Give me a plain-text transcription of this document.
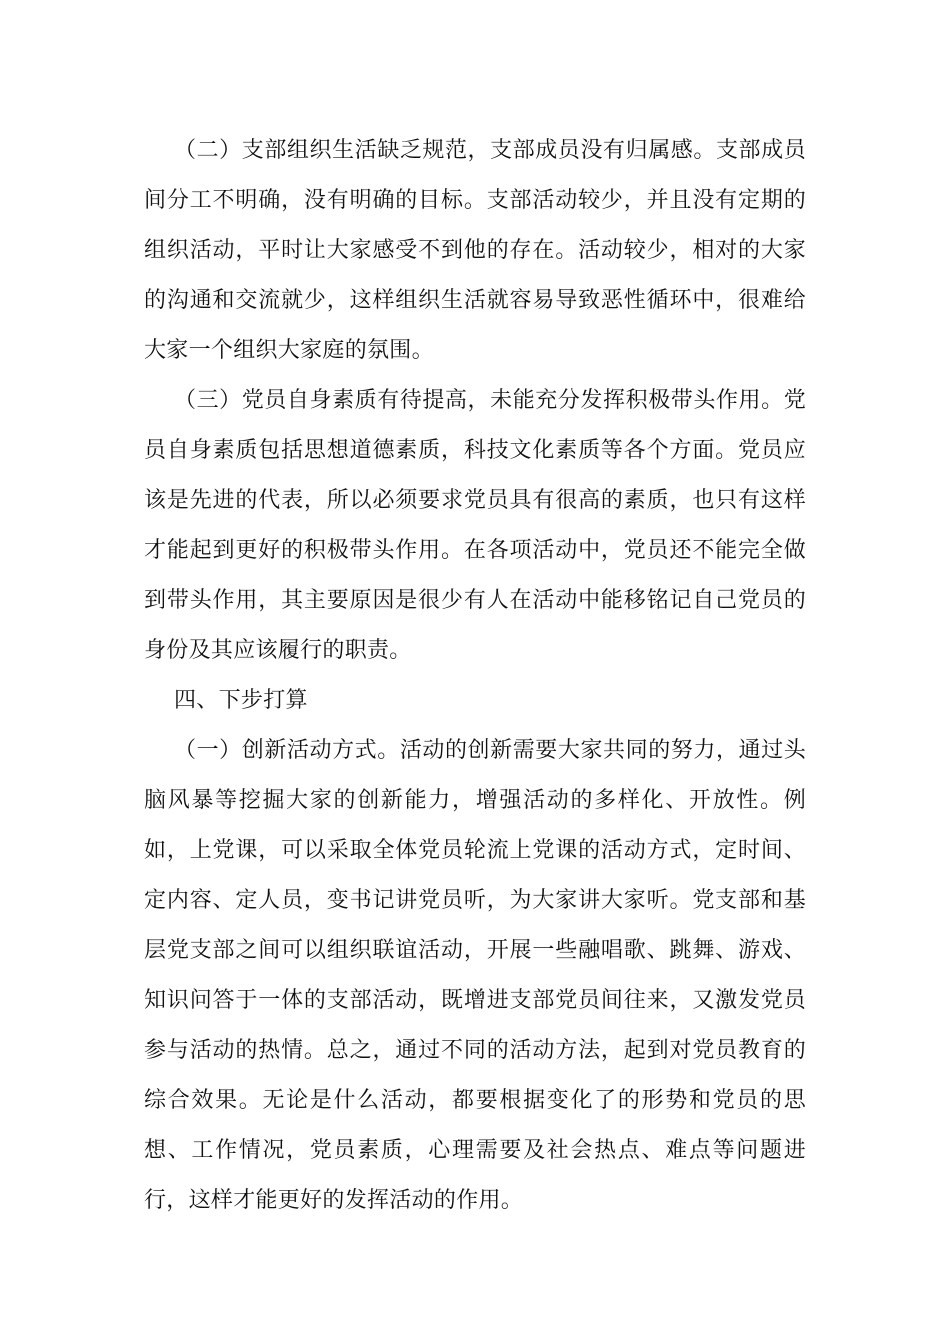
（二）支部组织生活缺乏规范，支部成员没有归属感。支部成员间分工不明确，没有明确的目标。支部活动较少，并且没有定期的组织活动，平时让大家感受不到他的存在。活动较少，相对的大家的沟通和交流就少，这样组织生活就容易导致恶性循环中，很难给大家一个组织大家庭的氛围。

（三）党员自身素质有待提高，未能充分发挥积极带头作用。党员自身素质包括思想道德素质，科技文化素质等各个方面。党员应该是先进的代表，所以必须要求党员具有很高的素质，也只有这样才能起到更好的积极带头作用。在各项活动中，党员还不能完全做到带头作用，其主要原因是很少有人在活动中能移铭记自己党员的身份及其应该履行的职责。

四、下步打算

（一）创新活动方式。活动的创新需要大家共同的努力，通过头脑风暴等挖掘大家的创新能力，增强活动的多样化、开放性。例如，上党课，可以采取全体党员轮流上党课的活动方式，定时间、定内容、定人员，变书记讲党员听，为大家讲大家听。党支部和基层党支部之间可以组织联谊活动，开展一些融唱歌、跳舞、游戏、知识问答于一体的支部活动，既增进支部党员间往来，又激发党员参与活动的热情。总之，通过不同的活动方法，起到对党员教育的综合效果。无论是什么活动，都要根据变化了的形势和党员的思想、工作情况，党员素质，心理需要及社会热点、难点等问题进行，这样才能更好的发挥活动的作用。
